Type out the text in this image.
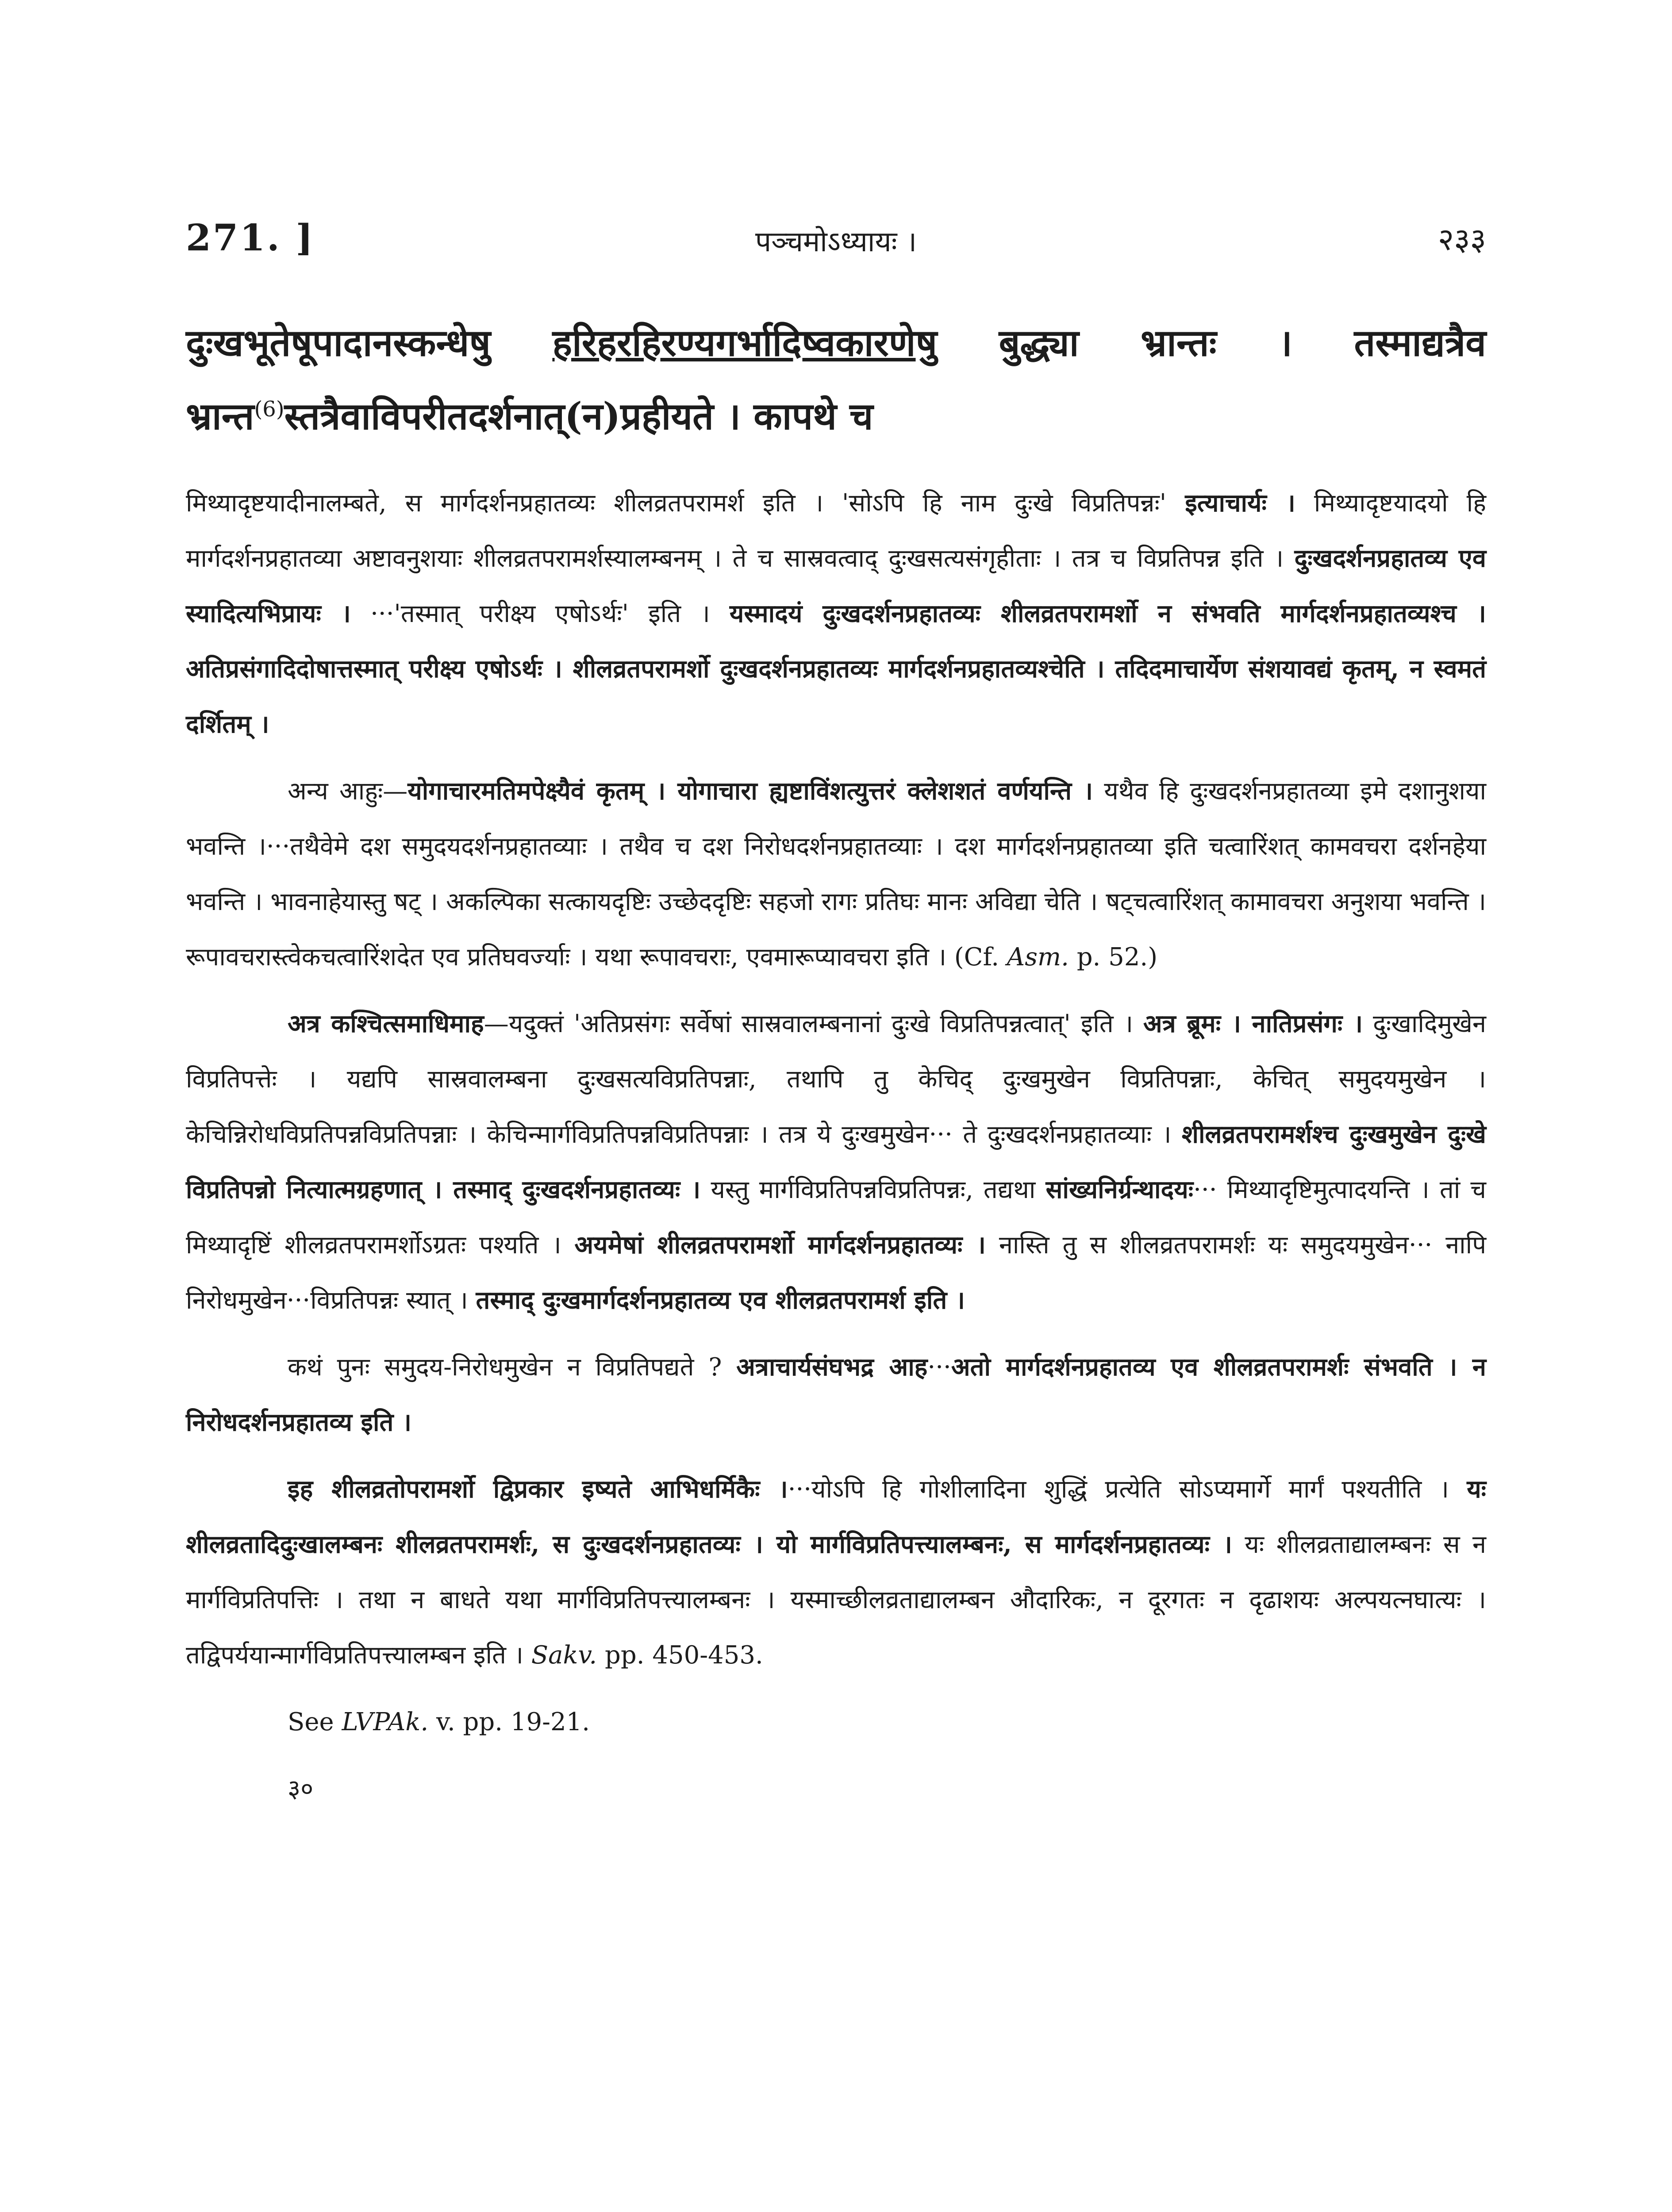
271. ]	पञ्चमोऽध्यायः ।	२३३
दुःखभूतेषूपादानस्कन्धेषु हरिहरहिरण्यगर्भादिष्वकारणेषु बुद्ध्या भ्रान्तः । तस्माद्यत्रैव भ्रान्त$^{(6)}$स्तत्रैवाविपरीतदर्शनात्(न)प्रहीयते । कापथे च

मिथ्यादृष्टयादीनालम्बते, स मार्गदर्शनप्रहातव्यः शीलव्रतपरामर्श इति । 'सोऽपि हि नाम दुःखे विप्रतिपन्नः' इत्याचार्यः । मिथ्यादृष्टयादयो हि मार्गदर्शनप्रहातव्या अष्टावनुशयाः शीलव्रतपरामर्शस्यालम्बनम् । ते च सास्रवत्वाद् दुःखसत्यसंगृहीताः । तत्र च विप्रतिपन्न इति । दुःखदर्शनप्रहातव्य एव स्यादित्यभिप्रायः । ···'तस्मात् परीक्ष्य एषोऽर्थः' इति । यस्मादयं दुःखदर्शनप्रहातव्यः शीलव्रतपरामर्शो न संभवति मार्गदर्शनप्रहातव्यश्च । अतिप्रसंगादिदोषात्तस्मात् परीक्ष्य एषोऽर्थः । शीलव्रतपरामर्शो दुःखदर्शनप्रहातव्यः मार्गदर्शनप्रहातव्यश्चेति । तदिदमाचार्येण संशयावद्यं कृतम्, न स्वमतं दर्शितम् ।

अन्य आहुः—योगाचारमतिमपेक्ष्यैवं कृतम् । योगाचारा ह्यष्टाविंशत्युत्तरं क्लेशशतं वर्णयन्ति । यथैव हि दुःखदर्शनप्रहातव्या इमे दशानुशया भवन्ति ।···तथैवेमे दश समुदयदर्शनप्रहातव्याः । तथैव च दश निरोधदर्शनप्रहातव्याः । दश मार्गदर्शनप्रहातव्या इति चत्वारिंशत् कामवचरा दर्शनहेया भवन्ति । भावनाहेयास्तु षट् । अकल्पिका सत्कायदृष्टिः उच्छेददृष्टिः सहजो रागः प्रतिघः मानः अविद्या चेति । षट्चत्वारिंशत् कामावचरा अनुशया भवन्ति । रूपावचरास्त्वेकचत्वारिंशदेत एव प्रतिघवर्ज्याः । यथा रूपावचराः, एवमारूप्यावचरा इति । (Cf. Asm. p. 52.)

अत्र कश्चित्समाधिमाह—यदुक्तं 'अतिप्रसंगः सर्वेषां सास्रवालम्बनानां दुःखे विप्रतिपन्नत्वात्' इति । अत्र ब्रूमः । नातिप्रसंगः । दुःखादिमुखेन विप्रतिपत्तेः । यद्यपि सास्रवालम्बना दुःखसत्यविप्रतिपन्नाः, तथापि तु केचिद् दुःखमुखेन विप्रतिपन्नाः, केचित् समुदयमुखेन । केचिन्निरोधविप्रतिपन्नविप्रतिपन्नाः । केचिन्मार्गविप्रतिपन्नविप्रतिपन्नाः । तत्र ये दुःखमुखेन··· ते दुःखदर्शनप्रहातव्याः । शीलव्रतपरामर्शश्च दुःखमुखेन दुःखे विप्रतिपन्नो नित्यात्मग्रहणात् । तस्माद् दुःखदर्शनप्रहातव्यः । यस्तु मार्गविप्रतिपन्नविप्रतिपन्नः, तद्यथा सांख्यनिर्ग्रन्थादयः··· मिथ्यादृष्टिमुत्पादयन्ति । तां च मिथ्यादृष्टिं शीलव्रतपरामर्शोऽग्रतः पश्यति । अयमेषां शीलव्रतपरामर्शो मार्गदर्शनप्रहातव्यः । नास्ति तु स शीलव्रतपरामर्शः यः समुदयमुखेन··· नापि निरोधमुखेन···विप्रतिपन्नः स्यात् । तस्माद् दुःखमार्गदर्शनप्रहातव्य एव शीलव्रतपरामर्श इति ।

कथं पुनः समुदय-निरोधमुखेन न विप्रतिपद्यते ? अत्राचार्यसंघभद्र आह···अतो मार्गदर्शनप्रहातव्य एव शीलव्रतपरामर्शः संभवति । न निरोधदर्शनप्रहातव्य इति ।

इह शीलव्रतोपरामर्शो द्विप्रकार इष्यते आभिधर्मिकैः ।···योऽपि हि गोशीलादिना शुद्धिं प्रत्येति सोऽप्यमार्गे मार्गं पश्यतीति । यः शीलव्रतादिदुःखालम्बनः शीलव्रतपरामर्शः, स दुःखदर्शनप्रहातव्यः । यो मार्गविप्रतिपत्त्यालम्बनः, स मार्गदर्शनप्रहातव्यः । यः शीलव्रताद्यालम्बनः स न मार्गविप्रतिपत्तिः । तथा न बाधते यथा मार्गविप्रतिपत्त्यालम्बनः । यस्माच्छीलव्रताद्यालम्बन औदारिकः, न दूरगतः न दृढाशयः अल्पयत्नघात्यः । तद्विपर्ययान्मार्गविप्रतिपत्त्यालम्बन इति । Sakv. pp. 450-453.

See LVPAk. v. pp. 19-21.

३०
